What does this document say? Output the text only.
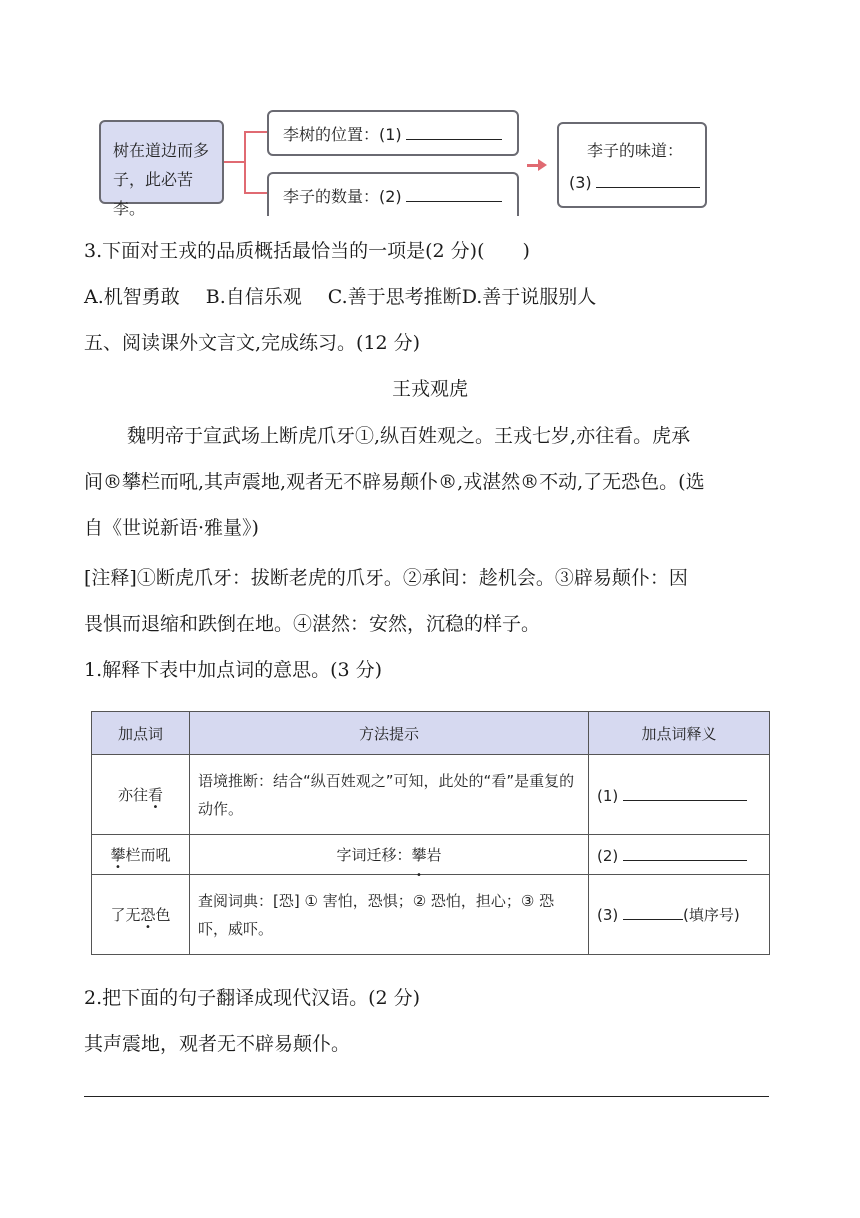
树在道边而多
子，此必苦李。
李树的位置：(1)
李子的数量：(2)
李子的味道：
(3)
3.下面对王戎的品质概括最恰当的一项是(2 分)(　　)
A.机智勇敢 B.自信乐观 C.善于思考推断D.善于说服别人
五、阅读课外文言文,完成练习。(12 分)
王戎观虎
魏明帝于宣武场上断虎爪牙①,纵百姓观之。王戎七岁,亦往看。虎承
间®攀栏而吼,其声震地,观者无不辟易颠仆®,戎湛然®不动,了无恐色。(选
自《世说新语·雅量》)
[注释]①断虎爪牙：拔断老虎的爪牙。②承间：趁机会。③辟易颠仆：因
畏惧而退缩和跌倒在地。④湛然：安然，沉稳的样子。
1.解释下表中加点词的意思。(3 分)
加点词	方法提示	加点词释义
亦往看	语境推断：结合“纵百姓观之”可知，此处的“看”是重复的动作。	(1)
攀栏而吼	字词迁移：攀岩	(2)
了无恐色	查阅词典：[恐] ① 害怕，恐惧；② 恐怕，担心；③ 恐吓，威吓。	(3) (填序号)
2.把下面的句子翻译成现代汉语。(2 分)
其声震地，观者无不辟易颠仆。
